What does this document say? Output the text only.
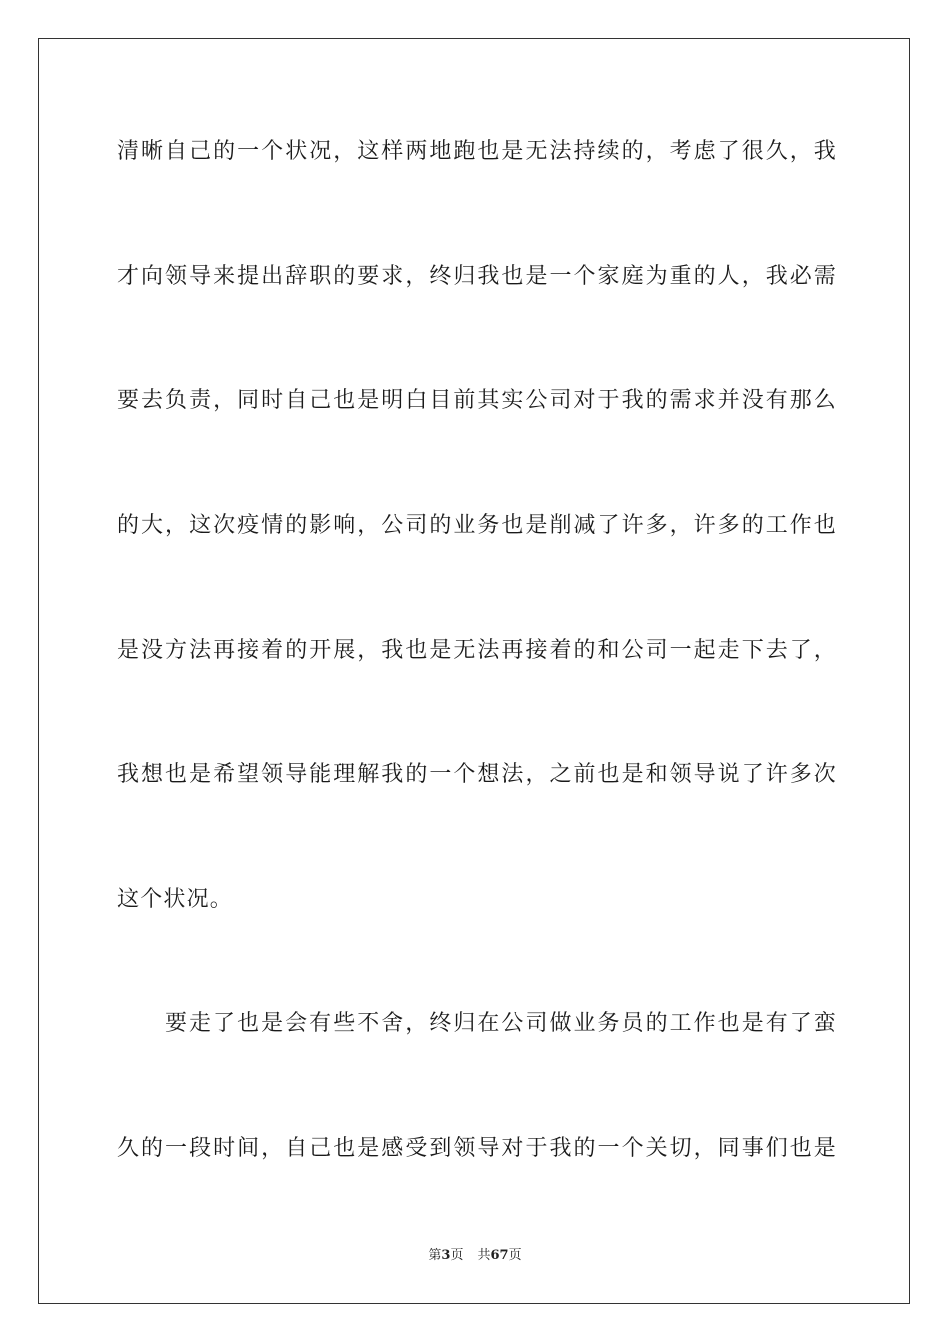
清晰自己的一个状况，这样两地跑也是无法持续的，考虑了很久，我
才向领导来提出辞职的要求，终归我也是一个家庭为重的人，我必需
要去负责，同时自己也是明白目前其实公司对于我的需求并没有那么
的大，这次疫情的影响，公司的业务也是削减了许多，许多的工作也
是没方法再接着的开展，我也是无法再接着的和公司一起走下去了，
我想也是希望领导能理解我的一个想法，之前也是和领导说了许多次
这个状况。
要走了也是会有些不舍，终归在公司做业务员的工作也是有了蛮
久的一段时间，自己也是感受到领导对于我的一个关切，同事们也是
第3页 共67页
